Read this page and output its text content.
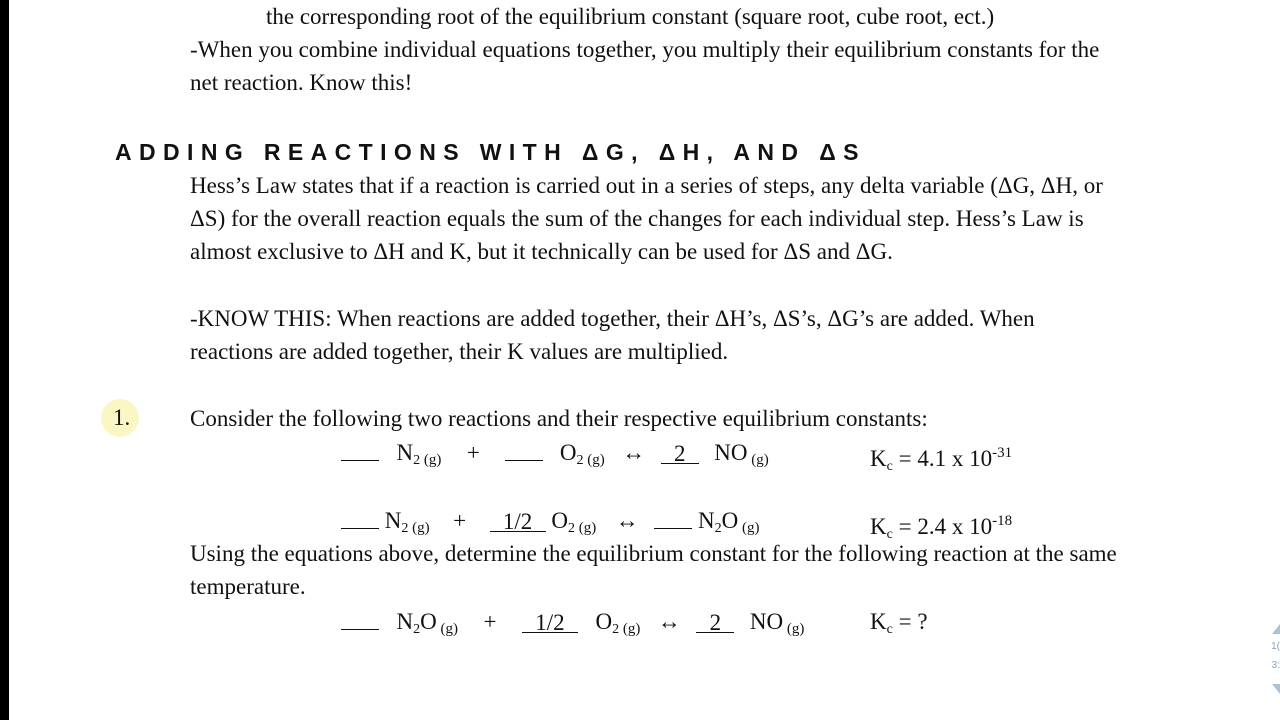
the corresponding root of the equilibrium constant (square root, cube root, ect.)
-When you combine individual equations together, you multiply their equilibrium constants for the
net reaction. Know this!
ADDING REACTIONS WITH ΔG, ΔH, AND ΔS
Hess’s Law states that if a reaction is carried out in a series of steps, any delta variable (ΔG, ΔH, or
ΔS) for the overall reaction equals the sum of the changes for each individual step. Hess’s Law is
almost exclusive to ΔH and K, but it technically can be used for ΔS and ΔG.
-KNOW THIS: When reactions are added together, their ΔH’s, ΔS’s, ΔG’s are added. When
reactions are added together, their K values are multiplied.
1.	Consider the following two reactions and their respective equilibrium constants:
$N_2$ (g) +	$O_2$ (g) ↔ 2 NO (g)	$K_c = 4.1$ x $10^{-31}$
$N_2$ (g) + 1/2 $O_2$ (g) ↔	$N_2O$ (g)	$K_c = 2.4$ x $10^{-18}$
Using the equations above, determine the equilibrium constant for the following reaction at the same
temperature.
$N_2O$ (g) + 1/2 $O_2$ (g) ↔ 2 NO (g)	$K_c$ = ?
1(
3:
